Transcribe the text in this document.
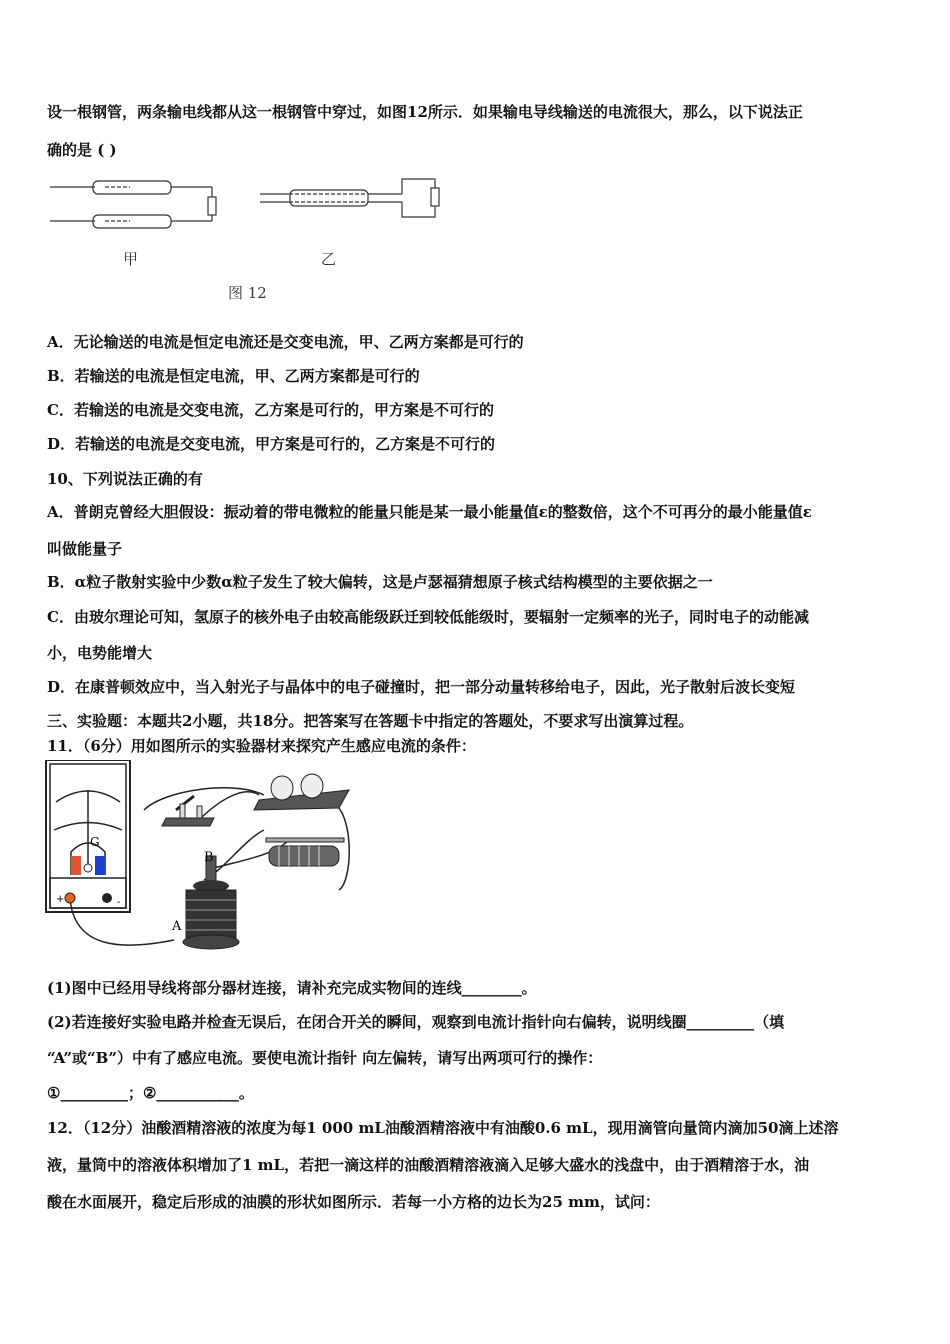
设一根钢管，两条输电线都从这一根钢管中穿过，如图12所示．如果输电导线输送的电流很大，那么，以下说法正
确的是 ( )
甲	乙
图 12
A．无论输送的电流是恒定电流还是交变电流，甲、乙两方案都是可行的
B．若输送的电流是恒定电流，甲、乙两方案都是可行的
C．若输送的电流是交变电流，乙方案是可行的，甲方案是不可行的
D．若输送的电流是交变电流，甲方案是可行的，乙方案是不可行的
10、下列说法正确的有
A．普朗克曾经大胆假设：振动着的带电微粒的能量只能是某一最小能量值ε的整数倍，这个不可再分的最小能量值ε
叫做能量子
B．α粒子散射实验中少数α粒子发生了较大偏转，这是卢瑟福猜想原子核式结构模型的主要依据之一
C．由玻尔理论可知，氢原子的核外电子由较高能级跃迁到较低能级时，要辐射一定频率的光子，同时电子的动能减
小，电势能增大
D．在康普顿效应中，当入射光子与晶体中的电子碰撞时，把一部分动量转移给电子，因此，光子散射后波长变短
三、实验题：本题共2小题，共18分。把答案写在答题卡中指定的答题处，不要求写出演算过程。
11．（6分）用如图所示的实验器材来探究产生感应电流的条件：
G
+	-
B
A
(1)图中已经用导线将部分器材连接，请补充完成实物间的连线________。
(2)若连接好实验电路并检查无误后，在闭合开关的瞬间，观察到电流计指针向右偏转，说明线圈_________（填
“A”或“B”）中有了感应电流。要使电流计指针 向左偏转，请写出两项可行的操作：
①_________；②___________。
12．（12分）油酸酒精溶液的浓度为每1 000 mL油酸酒精溶液中有油酸0.6 mL，现用滴管向量筒内滴加50滴上述溶
液，量筒中的溶液体积增加了1 mL，若把一滴这样的油酸酒精溶液滴入足够大盛水的浅盘中，由于酒精溶于水，油
酸在水面展开，稳定后形成的油膜的形状如图所示．若每一小方格的边长为25 mm，试问：
